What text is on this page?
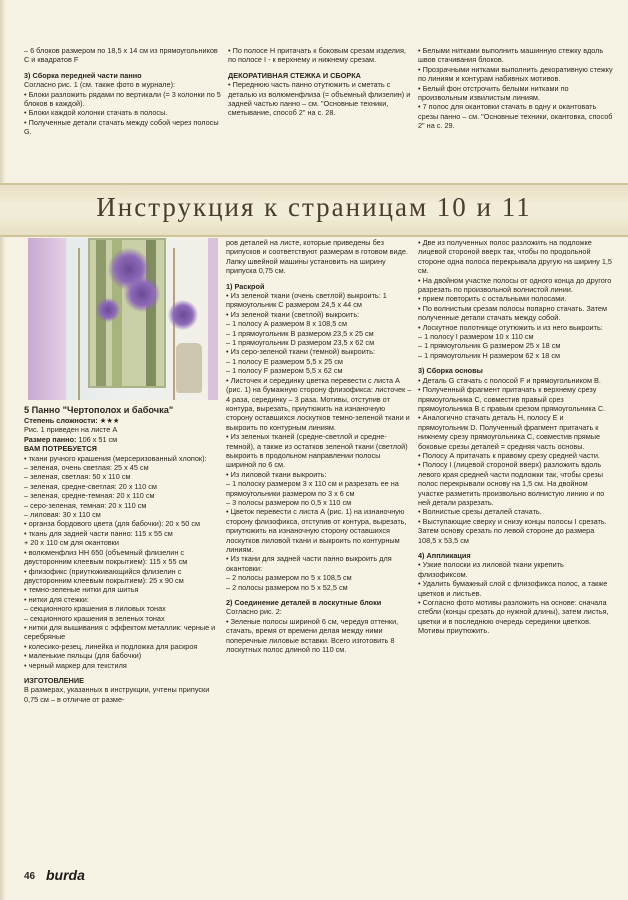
– 6 блоков размером по 18,5 х 14 см из прямоугольников С и квадратов F

3) Сборка передней части панно

Согласно рис. 1 (см. также фото в журнале):

• Блоки разложить рядами по вертикали (= 3 колонки по 5 блоков в каждой).

• Блоки каждой колонки стачать в полосы.

• Полученные детали стачать между собой через полосы G.

• По полосе Н притачать к боковым срезам изделия, по полосе I - к верхнему и нижнему срезам.

ДЕКОРАТИВНАЯ СТЕЖКА И СБОРКА

• Переднюю часть панно отутюжить и сметать с деталью из волюменфлиза (= объемный флизелин) и задней частью панно – см. "Основные техники, сметывание, способ 2" на с. 28.

• Белыми нитками выполнить машинную стежку вдоль швов стачивания блоков.

• Прозрачными нитками выполнить декоративную стежку по линиям и контурам набивных мотивов.

• Белый фон отстрочить белыми нитками по произвольным извилистым линиям.

• 7 полос для окантовки стачать в одну и окантовать срезы панно – см. "Основные техники, окантовка, способ 2" на с. 29.

Инструкция к страницам 10 и 11

5 Панно "Чертополох и бабочка"

Степень сложности: ★★★

Рис. 1 приведен на листе А

Размер панно: 106 х 51 см

ВАМ ПОТРЕБУЕТСЯ

• ткани ручного крашения (мерсеризованный хлопок):

– зеленая, очень светлая: 25 х 45 см

– зеленая, светлая: 50 х 110 см

– зеленая, средне-светлая: 20 х 110 см

– зеленая, средне-темная: 20 х 110 см

– серо-зеленая, темная: 20 х 110 см

– лиловая: 30 х 110 см

• органза бордового цвета (для бабочки): 20 х 50 см

• ткань для задней части панно: 115 х 55 см

+ 20 х 110 см для окантовки

• волюменфлиз НН 650 (объемный флизелин с двусторонним клеевым покрытием): 115 х 55 см

• флизофикс (приутюживающийся флизелин с двусторонним клеевым покрытием): 25 х 90 см

• темно-зеленые нитки для шитья

• нитки для стежки:

– секционного крашения в лиловых тонах

– секционного крашения в зеленых тонах

• нитки для вышивания с эффектом металлик: черные и серебряные

• колесико-резец, линейка и подложка для раскроя

• маленькие пяльцы (для бабочки)

• черный маркер для текстиля

ИЗГОТОВЛЕНИЕ

В размерах, указанных в инструкции, учтены припуски 0,75 см – в отличие от разме-

ров деталей на листе, которые приведены без припусков и соответствуют размерам в готовом виде.

Лапку швейной машины установить на ширину припуска 0,75 см.

1) Раскрой

• Из зеленой ткани (очень светлой) выкроить: 1 прямоугольник С размером 24,5 х 44 см

• Из зеленой ткани (светлой) выкроить:

– 1 полосу А размером 8 х 108,5 см

– 1 прямоугольник В размером 23,5 х 25 см

– 1 прямоугольник D размером 23,5 х 62 см

• Из серо-зеленой ткани (темной) выкроить:

– 1 полосу Е размером 5,5 х 25 см

– 1 полосу F размером 5,5 х 62 см

• Листочек и серединку цветка перевести с листа А (рис. 1) на бумажную сторону флизофикса: листочек – 4 раза, серединку – 3 раза. Мотивы, отступив от контура, вырезать, приутюжить на изнаночную сторону оставшихся лоскутков темно-зеленой ткани и выкроить по контурным линиям.

• Из зеленых тканей (средне-светлой и средне-темной), а также из остатков зеленой ткани (светлой) выкроить в продольном направлении полосы шириной по 6 см.

• Из лиловой ткани выкроить:

– 1 полоску размером 3 х 110 см и разрезать ее на прямоугольники размером по 3 х 6 см

– 3 полосы размером по 0,5 х 110 см

• Цветок перевести с листа А (рис. 1) на изнаночную сторону флизофикса, отступив от контура, вырезать, приутюжить на изнаночную сторону оставшихся лоскутков лиловой ткани и выкроить по контурным линиям.

• Из ткани для задней части панно выкроить для окантовки:

– 2 полосы размером по 5 х 108,5 см

– 2 полосы размером по 5 х 52,5 см

2) Соединение деталей в лоскутные блоки

Согласно рис. 2:

• Зеленые полосы шириной 6 см, чередуя оттенки, стачать, время от времени делая между ними поперечные лиловые вставки. Всего изготовить 8 лоскутных полос длиной по 110 см.

• Две из полученных полос разложить на подложке лицевой стороной вверх так, чтобы по продольной стороне одна полоса перекрывала другую на ширину 1,5 см.

• На двойном участке полосы от одного конца до другого разрезать по произвольной волнистой линии.

• прием повторить с остальными полосами.

• По волнистым срезам полосы попарно стачать. Затем полученные детали стачать между собой.

• Лоскутное полотнище отутюжить и из него выкроить:

– 1 полосу I размером 10 х 110 см

– 1 прямоугольник G размером 25 х 18 см

– 1 прямоугольник Н размером 62 х 18 см

3) Сборка основы

• Деталь G стачать с полосой F и прямоугольником В.

• Полученный фрагмент притачать к верхнему срезу прямоугольника С, совместив правый срез прямоугольника В с правым срезом прямоугольника С.

• Аналогично стачать деталь Н, полосу Е и прямоугольник D. Полученный фрагмент притачать к нижнему срезу прямоугольника С, совместив прямые боковые срезы деталей = средняя часть основы.

• Полосу А притачать к правому срезу средней части.

• Полосу I (лицевой стороной вверх) разложить вдоль левого края средней части подложки так, чтобы срезы полос перекрывали основу на 1,5 см. На двойном участке разметить произвольно волнистую линию и по ней детали разрезать.

• Волнистые срезы деталей стачать.

• Выступающие сверху и снизу концы полосы I срезать. Затем основу срезать по левой стороне до размера 108,5 х 53,5 см

4) Аппликация

• Узкие полоски из лиловой ткани укрепить флизофиксом.

• Удалить бумажный слой с флизофикса полос, а также цветков и листьев.

• Согласно фото мотивы разложить на основе: сначала стебли (концы срезать до нужной длины), затем листья, цветки и в последнюю очередь серединки цветков. Мотивы приутюжить.

46 burda
